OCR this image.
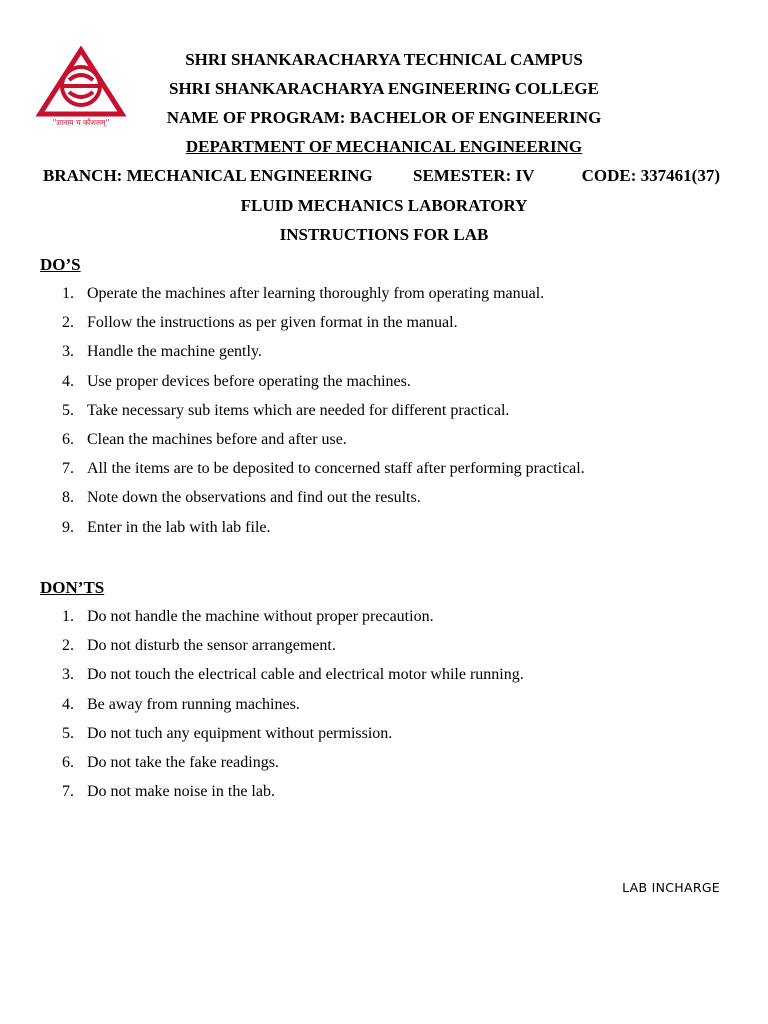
''ज्ञानाय च कौशलम्''
SHRI SHANKARACHARYA TECHNICAL CAMPUS
SHRI SHANKARACHARYA ENGINEERING COLLEGE
NAME OF PROGRAM: BACHELOR OF ENGINEERING
DEPARTMENT OF MECHANICAL ENGINEERING
BRANCH: MECHANICAL ENGINEERING SEMESTER: IV	CODE: 337461(37)
FLUID MECHANICS LABORATORY
INSTRUCTIONS FOR LAB
DO’S
1. Operate the machines after learning thoroughly from operating manual.
2. Follow the instructions as per given format in the manual.
3. Handle the machine gently.
4. Use proper devices before operating the machines.
5. Take necessary sub items which are needed for different practical.
6. Clean the machines before and after use.
7. All the items are to be deposited to concerned staff after performing practical.
8. Note down the observations and find out the results.
9. Enter in the lab with lab file.
DON’TS
1. Do not handle the machine without proper precaution.
2. Do not disturb the sensor arrangement.
3. Do not touch the electrical cable and electrical motor while running.
4. Be away from running machines.
5. Do not tuch any equipment without permission.
6. Do not take the fake readings.
7. Do not make noise in the lab.
LAB INCHARGE
